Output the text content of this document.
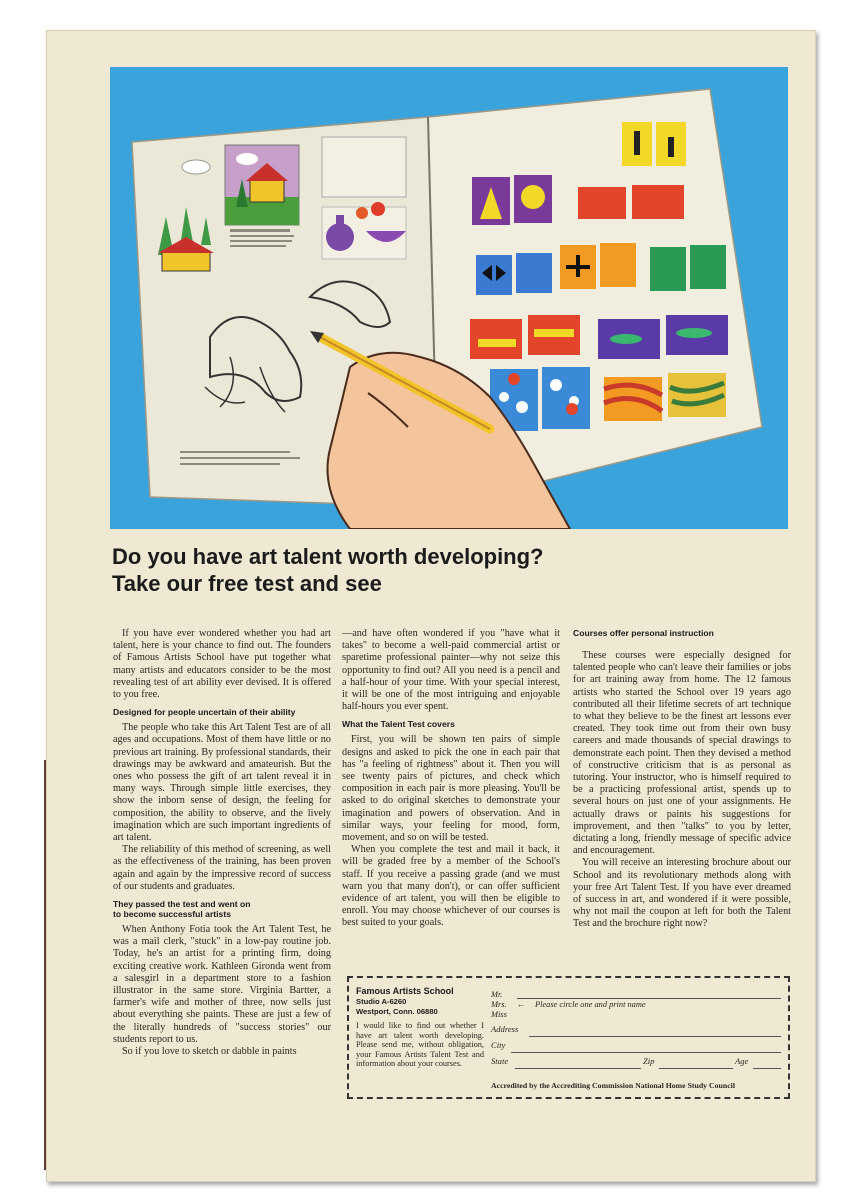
Do you have art talent worth developing?
Take our free test and see

If you have ever wondered whether you had art talent, here is your chance to find out. The founders of Famous Artists School have put together what many artists and educators consider to be the most revealing test of art ability ever devised. It is offered to you free.

Designed for people uncertain of their ability

The people who take this Art Talent Test are of all ages and occupations. Most of them have little or no previous art training. By professional standards, their drawings may be awkward and amateurish. But the ones who possess the gift of art talent reveal it in many ways. Through simple little exercises, they show the inborn sense of design, the feeling for composition, the ability to observe, and the lively imagination which are such important ingredients of art talent.

The reliability of this method of screening, as well as the effectiveness of the training, has been proven again and again by the impressive record of success of our students and graduates.

They passed the test and went on
to become successful artists

When Anthony Fotia took the Art Talent Test, he was a mail clerk, "stuck" in a low-pay routine job. Today, he's an artist for a printing firm, doing exciting creative work. Kathleen Gironda went from a salesgirl in a department store to a fashion illustrator in the same store. Virginia Bartter, a farmer's wife and mother of three, now sells just about everything she paints. These are just a few of the literally hundreds of "success stories" our students report to us.

So if you love to sketch or dabble in paints

—and have often wondered if you "have what it takes" to become a well-paid commercial artist or sparetime professional painter—why not seize this opportunity to find out? All you need is a pencil and a half-hour of your time. With your special interest, it will be one of the most intriguing and enjoyable half-hours you ever spent.

What the Talent Test covers

First, you will be shown ten pairs of simple designs and asked to pick the one in each pair that has "a feeling of rightness" about it. Then you will see twenty pairs of pictures, and check which composition in each pair is more pleasing. You'll be asked to do original sketches to demonstrate your imagination and powers of observation. And in similar ways, your feeling for mood, form, movement, and so on will be tested.

When you complete the test and mail it back, it will be graded free by a member of the School's staff. If you receive a passing grade (and we must warn you that many don't), or can offer sufficient evidence of art talent, you will then be eligible to enroll. You may choose whichever of our courses is best suited to your goals.

Courses offer personal instruction

These courses were especially designed for talented people who can't leave their families or jobs for art training away from home. The 12 famous artists who started the School over 19 years ago contributed all their lifetime secrets of art technique to what they believe to be the finest art lessons ever created. They took time out from their own busy careers and made thousands of special drawings to demonstrate each point. Then they devised a method of constructive criticism that is as personal as tutoring. Your instructor, who is himself required to be a practicing professional artist, spends up to several hours on just one of your assignments. He actually draws or paints his suggestions for improvement, and then "talks" to you by letter, dictating a long, friendly message of specific advice and encouragement.

You will receive an interesting brochure about our School and its revolutionary methods along with your free Art Talent Test. If you have ever dreamed of success in art, and wondered if it were possible, why not mail the coupon at left for both the Talent Test and the brochure right now?

Famous Artists School
Studio A-6260
Westport, Conn. 06880
I would like to find out whether I have art talent worth developing. Please send me, without obligation, your Famous Artists Talent Test and information about your courses.
Mr.
Mrs.
Miss
← Please circle one and print name
Address
City
State	Zip	Age
Accredited by the Accrediting Commission National Home Study Council
